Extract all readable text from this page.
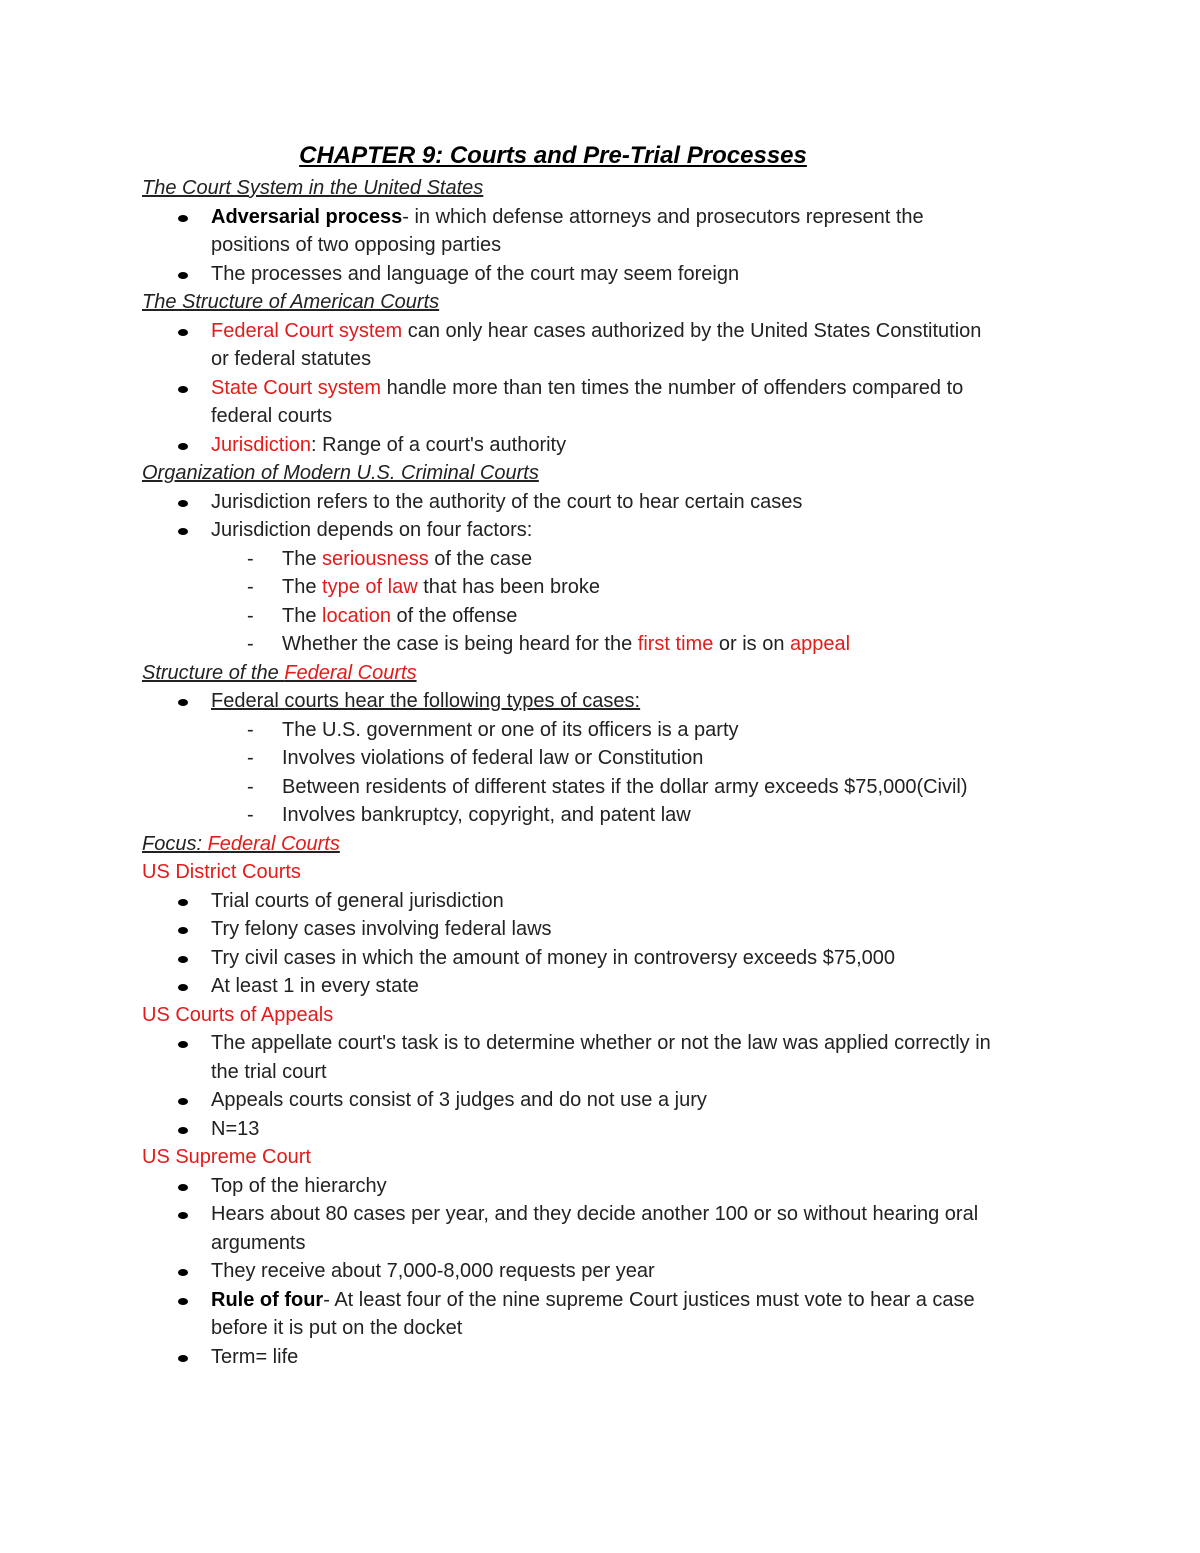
CHAPTER 9: Courts and Pre-Trial Processes
The Court System in the United States
Adversarial process- in which defense attorneys and prosecutors represent the
positions of two opposing parties
The processes and language of the court may seem foreign
The Structure of American Courts
Federal Court system can only hear cases authorized by the United States Constitution
or federal statutes
State Court system handle more than ten times the number of offenders compared to
federal courts
Jurisdiction: Range of a court's authority
Organization of Modern U.S. Criminal Courts
Jurisdiction refers to the authority of the court to hear certain cases
Jurisdiction depends on four factors:
- The seriousness of the case
- The type of law that has been broke
- The location of the offense
- Whether the case is being heard for the first time or is on appeal
Structure of the Federal Courts
Federal courts hear the following types of cases:
- The U.S. government or one of its officers is a party
- Involves violations of federal law or Constitution
- Between residents of different states if the dollar army exceeds $75,000(Civil)
- Involves bankruptcy, copyright, and patent law
Focus: Federal Courts
US District Courts
Trial courts of general jurisdiction
Try felony cases involving federal laws
Try civil cases in which the amount of money in controversy exceeds $75,000
At least 1 in every state
US Courts of Appeals
The appellate court's task is to determine whether or not the law was applied correctly in
the trial court
Appeals courts consist of 3 judges and do not use a jury
N=13
US Supreme Court
Top of the hierarchy
Hears about 80 cases per year, and they decide another 100 or so without hearing oral
arguments
They receive about 7,000-8,000 requests per year
Rule of four- At least four of the nine supreme Court justices must vote to hear a case
before it is put on the docket
Term= life
